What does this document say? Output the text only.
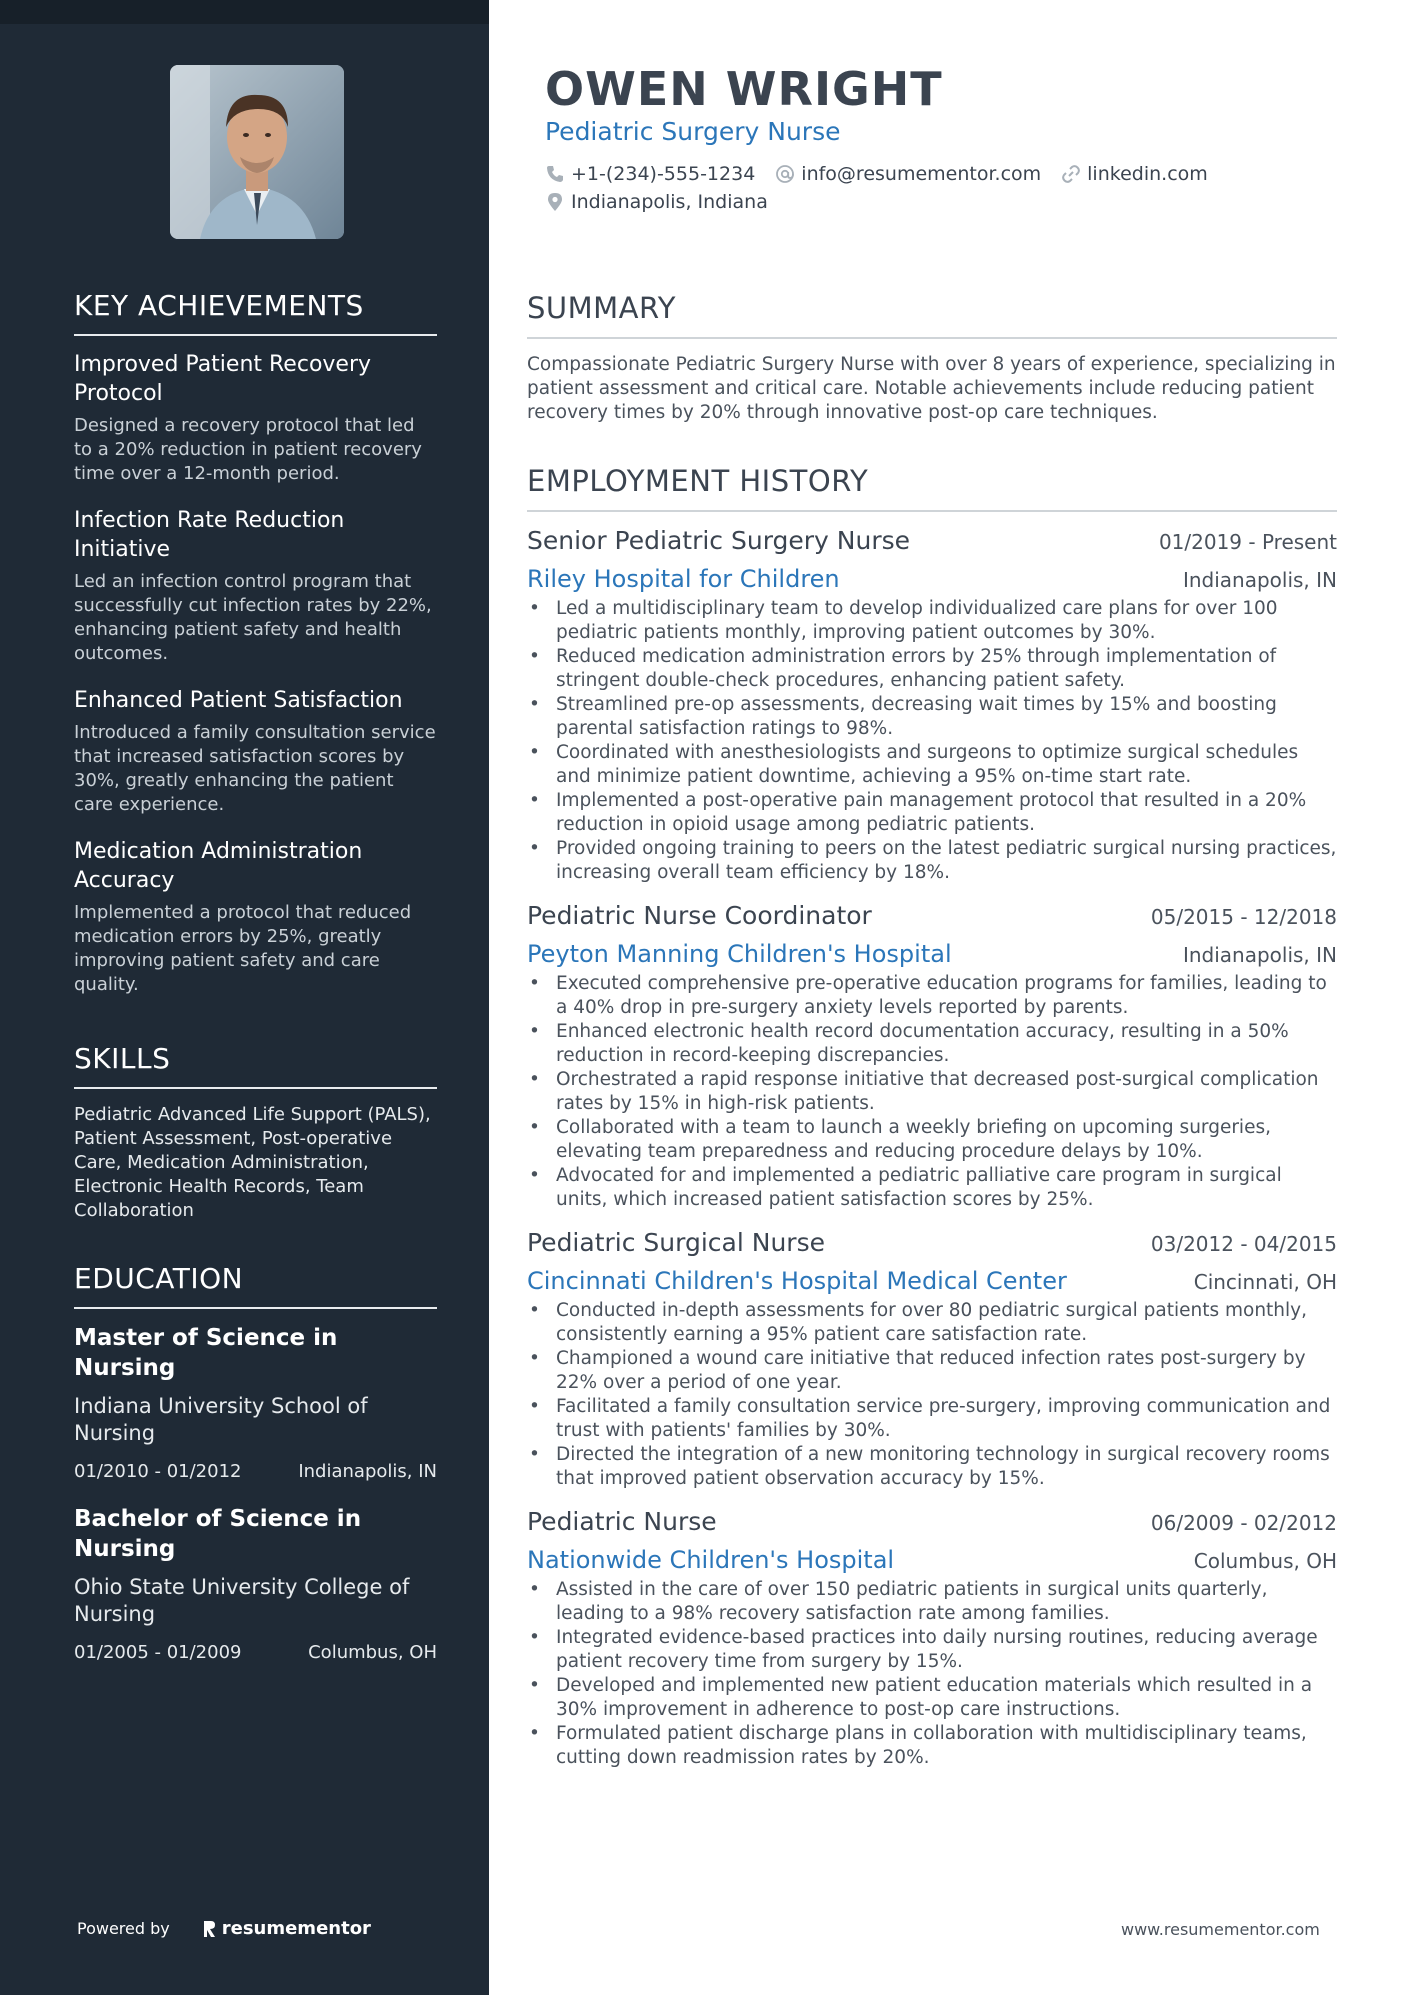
KEY ACHIEVEMENTS
Improved Patient Recovery Protocol
Designed a recovery protocol that led to a 20% reduction in patient recovery time over a 12-month period.
Infection Rate Reduction Initiative
Led an infection control program that successfully cut infection rates by 22%, enhancing patient safety and health outcomes.
Enhanced Patient Satisfaction
Introduced a family consultation service that increased satisfaction scores by 30%, greatly enhancing the patient care experience.
Medication Administration Accuracy
Implemented a protocol that reduced medication errors by 25%, greatly improving patient safety and care quality.
SKILLS
Pediatric Advanced Life Support (PALS), Patient Assessment, Post-operative Care, Medication Administration, Electronic Health Records, Team Collaboration
EDUCATION
Master of Science in Nursing
Indiana University School of Nursing
01/2010 - 01/2012	Indianapolis, IN
Bachelor of Science in Nursing
Ohio State University College of Nursing
01/2005 - 01/2009	Columbus, OH
Powered by	resumementor
OWEN WRIGHT
Pediatric Surgery Nurse
+1-(234)-555-1234 info@resumementor.com linkedin.com
Indianapolis, Indiana
SUMMARY
Compassionate Pediatric Surgery Nurse with over 8 years of experience, specializing in patient assessment and critical care. Notable achievements include reducing patient recovery times by 20% through innovative post-op care techniques.
EMPLOYMENT HISTORY
Senior Pediatric Surgery Nurse	01/2019 - Present
Riley Hospital for Children	Indianapolis, IN
• Led a multidisciplinary team to develop individualized care plans for over 100 pediatric patients monthly, improving patient outcomes by 30%.
• Reduced medication administration errors by 25% through implementation of stringent double-check procedures, enhancing patient safety.
• Streamlined pre-op assessments, decreasing wait times by 15% and boosting parental satisfaction ratings to 98%.
• Coordinated with anesthesiologists and surgeons to optimize surgical schedules and minimize patient downtime, achieving a 95% on-time start rate.
• Implemented a post-operative pain management protocol that resulted in a 20% reduction in opioid usage among pediatric patients.
• Provided ongoing training to peers on the latest pediatric surgical nursing practices, increasing overall team efficiency by 18%.
Pediatric Nurse Coordinator	05/2015 - 12/2018
Peyton Manning Children's Hospital	Indianapolis, IN
• Executed comprehensive pre-operative education programs for families, leading to a 40% drop in pre-surgery anxiety levels reported by parents.
• Enhanced electronic health record documentation accuracy, resulting in a 50% reduction in record-keeping discrepancies.
• Orchestrated a rapid response initiative that decreased post-surgical complication rates by 15% in high-risk patients.
• Collaborated with a team to launch a weekly briefing on upcoming surgeries, elevating team preparedness and reducing procedure delays by 10%.
• Advocated for and implemented a pediatric palliative care program in surgical units, which increased patient satisfaction scores by 25%.
Pediatric Surgical Nurse	03/2012 - 04/2015
Cincinnati Children's Hospital Medical Center	Cincinnati, OH
• Conducted in-depth assessments for over 80 pediatric surgical patients monthly, consistently earning a 95% patient care satisfaction rate.
• Championed a wound care initiative that reduced infection rates post-surgery by 22% over a period of one year.
• Facilitated a family consultation service pre-surgery, improving communication and trust with patients' families by 30%.
• Directed the integration of a new monitoring technology in surgical recovery rooms that improved patient observation accuracy by 15%.
Pediatric Nurse	06/2009 - 02/2012
Nationwide Children's Hospital	Columbus, OH
• Assisted in the care of over 150 pediatric patients in surgical units quarterly, leading to a 98% recovery satisfaction rate among families.
• Integrated evidence-based practices into daily nursing routines, reducing average patient recovery time from surgery by 15%.
• Developed and implemented new patient education materials which resulted in a 30% improvement in adherence to post-op care instructions.
• Formulated patient discharge plans in collaboration with multidisciplinary teams, cutting down readmission rates by 20%.
www.resumementor.com
